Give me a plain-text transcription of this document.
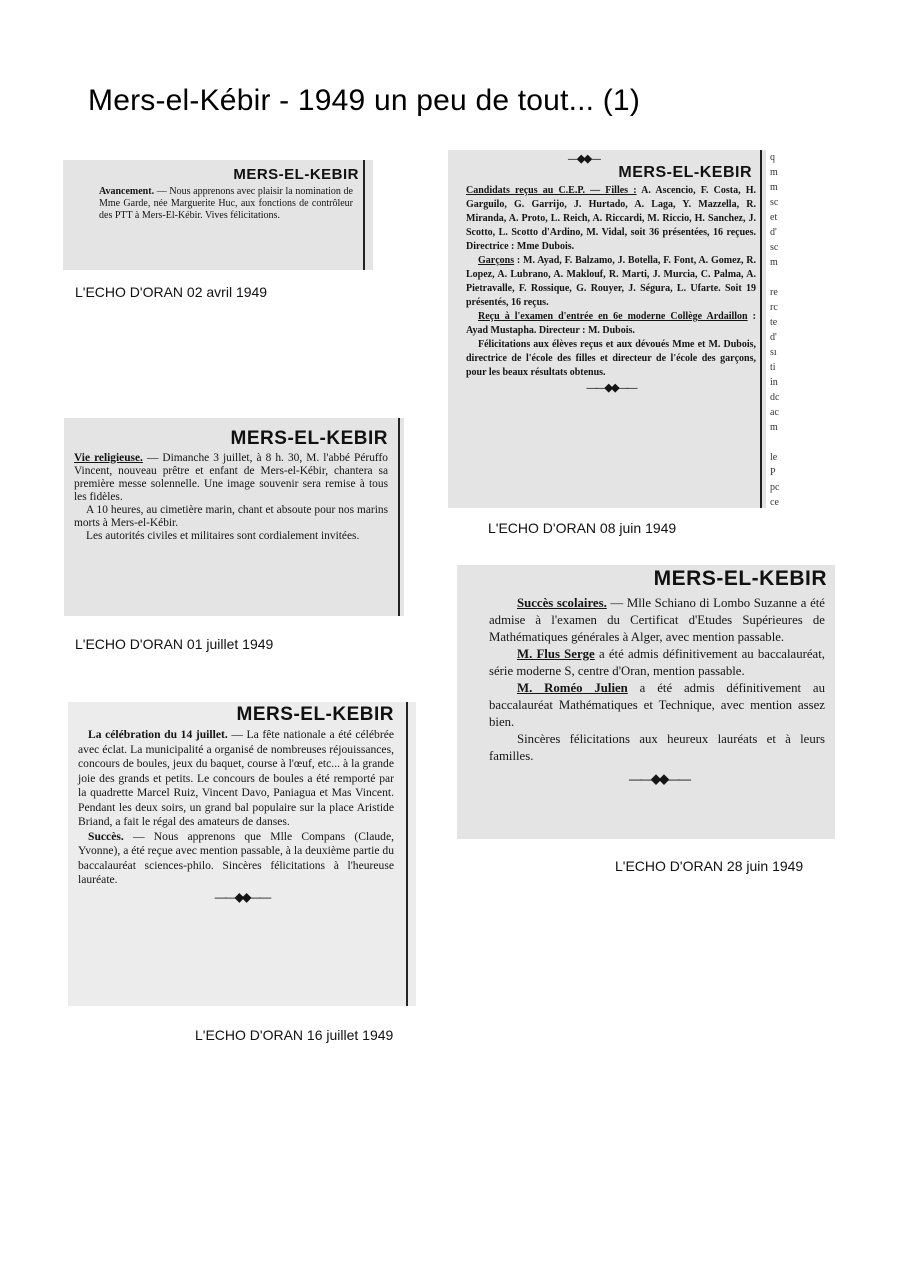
Mers-el-Kébir - 1949 un peu de tout... (1)
MERS-EL-KEBIR

Avancement. — Nous apprenons avec plaisir la nomination de Mme Garde, née Marguerite Huc, aux fonctions de contrôleur des PTT à Mers-El-Kébir. Vives félicitations.

L'ECHO D'ORAN 02 avril 1949
—◆◆—
MERS-EL-KEBIR

Candidats reçus au C.E.P. — Filles : A. Ascencio, F. Costa, H. Garguilo, G. Garrijo, J. Hurtado, A. Laga, Y. Mazzella, R. Miranda, A. Proto, L. Reich, A. Riccardi, M. Riccio, H. Sanchez, J. Scotto, L. Scotto d'Ardino, M. Vidal, soit 36 présentées, 16 reçues. Directrice : Mme Dubois.

Garçons : M. Ayad, F. Balzamo, J. Botella, F. Font, A. Gomez, R. Lopez, A. Lubrano, A. Maklouf, R. Marti, J. Murcia, C. Palma, A. Pietravalle, F. Rossique, G. Rouyer, J. Ségura, L. Ufarte. Soit 19 présentés, 16 reçus.

Reçu à l'examen d'entrée en 6e moderne Collège Ardaillon : Ayad Mustapha. Directeur : M. Dubois.

Félicitations aux élèves reçus et aux dévoués Mme et M. Dubois, directrice de l'école des filles et directeur de l'école des garçons, pour les beaux résultats obtenus.

——◆◆——
q
m
m
sc
et
d'
sc
m

re
rc
te
d'
sı
ti
in
dc
ac
m

le
P
pc
ce
L'ECHO D'ORAN 08 juin 1949
MERS-EL-KEBIR

Vie religieuse. — Dimanche 3 juillet, à 8 h. 30, M. l'abbé Péruffo Vincent, nouveau prêtre et enfant de Mers-el-Kébir, chantera sa première messe solennelle. Une image souvenir sera remise à tous les fidèles.

A 10 heures, au cimetière marin, chant et absoute pour nos marins morts à Mers-el-Kébir.

Les autorités civiles et militaires sont cordialement invitées.

L'ECHO D'ORAN 01 juillet 1949
MERS-EL-KEBIR

Succès scolaires. — Mlle Schiano di Lombo Suzanne a été admise à l'examen du Certificat d'Etudes Supérieures de Mathématiques générales à Alger, avec mention passable.

M. Flus Serge a été admis définitivement au baccalauréat, série moderne S, centre d'Oran, mention passable.

M. Roméo Julien a été admis définitivement au baccalauréat Mathématiques et Technique, avec mention assez bien.

Sincères félicitations aux heureux lauréats et à leurs familles.

——◆◆——
L'ECHO D'ORAN 28 juin 1949
MERS-EL-KEBIR

La célébration du 14 juillet. — La fête nationale a été célébrée avec éclat. La municipalité a organisé de nombreuses réjouissances, concours de boules, jeux du baquet, course à l'œuf, etc... à la grande joie des grands et petits. Le concours de boules a été remporté par la quadrette Marcel Ruiz, Vincent Davo, Paniagua et Mas Vincent. Pendant les deux soirs, un grand bal populaire sur la place Aristide Briand, a fait le régal des amateurs de danses.

Succès. — Nous apprenons que Mlle Compans (Claude, Yvonne), a été reçue avec mention passable, à la deuxième partie du baccalauréat sciences-philo. Sincères félicitations à l'heureuse lauréate.

——◆◆——
L'ECHO D'ORAN 16 juillet 1949
